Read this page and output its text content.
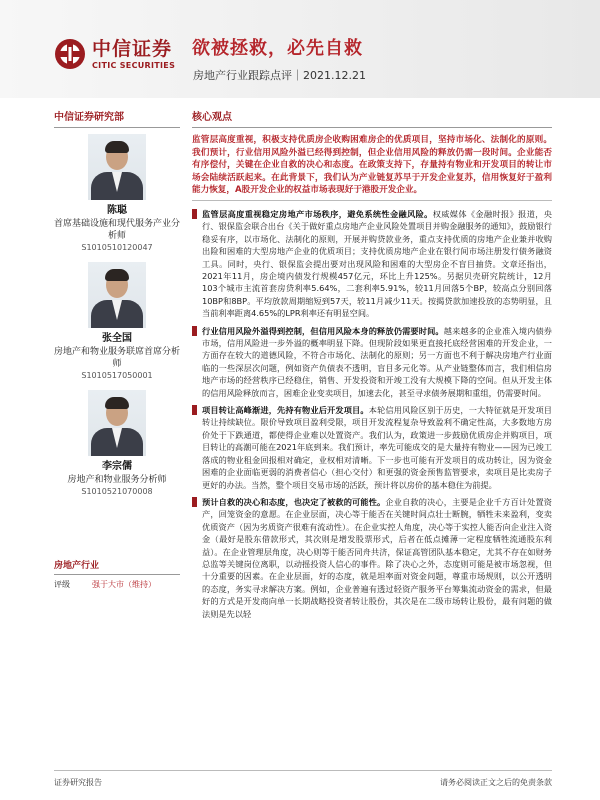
中信证券
CITIC SECURITIES
欲被拯救，必先自救
房地产行业跟踪点评｜2021.12.21
中信证券研究部
陈聪
首席基础设施和现代服务产业分析师
S1010510120047
张全国
房地产和物业服务联席首席分析师
S1010517050001
李宗儒
房地产和物业服务分析师
S1010521070008
房地产行业
评级	强于大市（维持）
核心观点
监管层高度重视，积极支持优质房企收购困难房企的优质项目，坚持市场化、法制化的原则。我们预计，行业信用风险外溢已经得到控制，但企业信用风险的释放仍需一段时间。企业能否有序偿付，关键在企业自救的决心和态度。在政策支持下，存量持有物业和开发项目的转让市场会陆续活跃起来。在此背景下，我们认为产业链复苏早于开发企业复苏，信用恢复好于盈利能力恢复，A股开发企业的权益市场表现好于港股开发企业。
监管层高度重视稳定房地产市场秩序，避免系统性金融风险。权威媒体《金融时报》报道，央行、银保监会联合出台《关于做好重点房地产企业风险处置项目并购金融服务的通知》，鼓励银行稳妥有序，以市场化、法制化的原则，开展并购贷款业务，重点支持优质的房地产企业兼并收购出险和困难的大型房地产企业的优质项目；支持优质房地产企业在银行间市场注册发行债务融资工具。同时，央行、银保监会提出要对出现风险和困难的大型房企不盲目抽贷。文章还指出，2021年11月，房企境内债发行规模457亿元，环比上升125%。另据贝壳研究院统计，12月103个城市主流首套房贷利率5.64%，二套利率5.91%，较11月回落5个BP，较高点分别回落10BP和8BP。平均放款周期缩短到57天，较11月减少11天。按揭贷款加速投放的态势明显，且当前利率距离4.65%的LPR利率还有明显空间。
行业信用风险外溢得到控制，但信用风险本身的释放仍需要时间。越来越多的企业准入境内债券市场，信用风险进一步外溢的概率明显下降。但现阶段如果更直接托底经营困难的开发企业，一方面存在较大的道德风险，不符合市场化、法制化的原则；另一方面也不利于解决房地产行业面临的一些深层次问题，例如资产负债表不透明，盲目多元化等。从产业链整体而言，我们相信房地产市场的经营秩序已经稳住，销售、开发投资和开竣工没有大规模下降的空间。但从开发主体的信用风险释放而言，困难企业变卖项目，加速去化，甚至寻求债务展期和重组，仍需要时间。
项目转让高峰渐进，先持有物业后开发项目。本轮信用风险区别于历史，一大特征就是开发项目转让持续缺位。限价导致项目盈利受限，项目开发流程复杂导致盈利不确定性高，大多数地方房价处于下跌通道，都使得企业难以处置资产。我们认为，政策进一步鼓励优质房企并购项目，项目转让的高潮可能在2021年底到来。我们预计，率先可能成交的是大量持有物业——因为已竣工落成的物业租金回报相对确定，业权相对清晰。下一步也可能有开发项目的成功转让，因为资金困难的企业面临更弱的消费者信心（担心交付）和更强的资金预售监管要求，卖项目是比卖房子更好的办法。当然，整个项目交易市场的活跃，预计将以房价的基本稳住为前提。
预计自救的决心和态度，也决定了被救的可能性。企业自救的决心，主要是企业千方百计处置资产，回笼资金的意愿。在企业层面，决心等于能否在关键时间点壮士断腕，牺牲未来盈利，变卖优质资产（因为劣质资产很难有流动性）。在企业实控人角度，决心等于实控人能否向企业注入资金（最好是股东借款形式，其次则是增发股票形式，后者在低点摊薄一定程度牺牲流通股东利益）。在企业管理层角度，决心则等于能否同舟共济，保证高管团队基本稳定，尤其不存在如财务总监等关键岗位离职，以动摇投资人信心的事件。除了决心之外，态度则可能是被市场忽视，但十分重要的因素。在企业层面，好的态度，就是坦率面对资金问题，尊重市场规则，以公开透明的态度，务实寻求解决方案。例如，企业普遍有透过轻资产服务平台筹集流动资金的需求，但最好的方式是开发商向单一长期战略投资者转让股份，其次是在二级市场转让股份，最有问题的做法则是先以轻
证券研究报告	请务必阅读正文之后的免责条款
